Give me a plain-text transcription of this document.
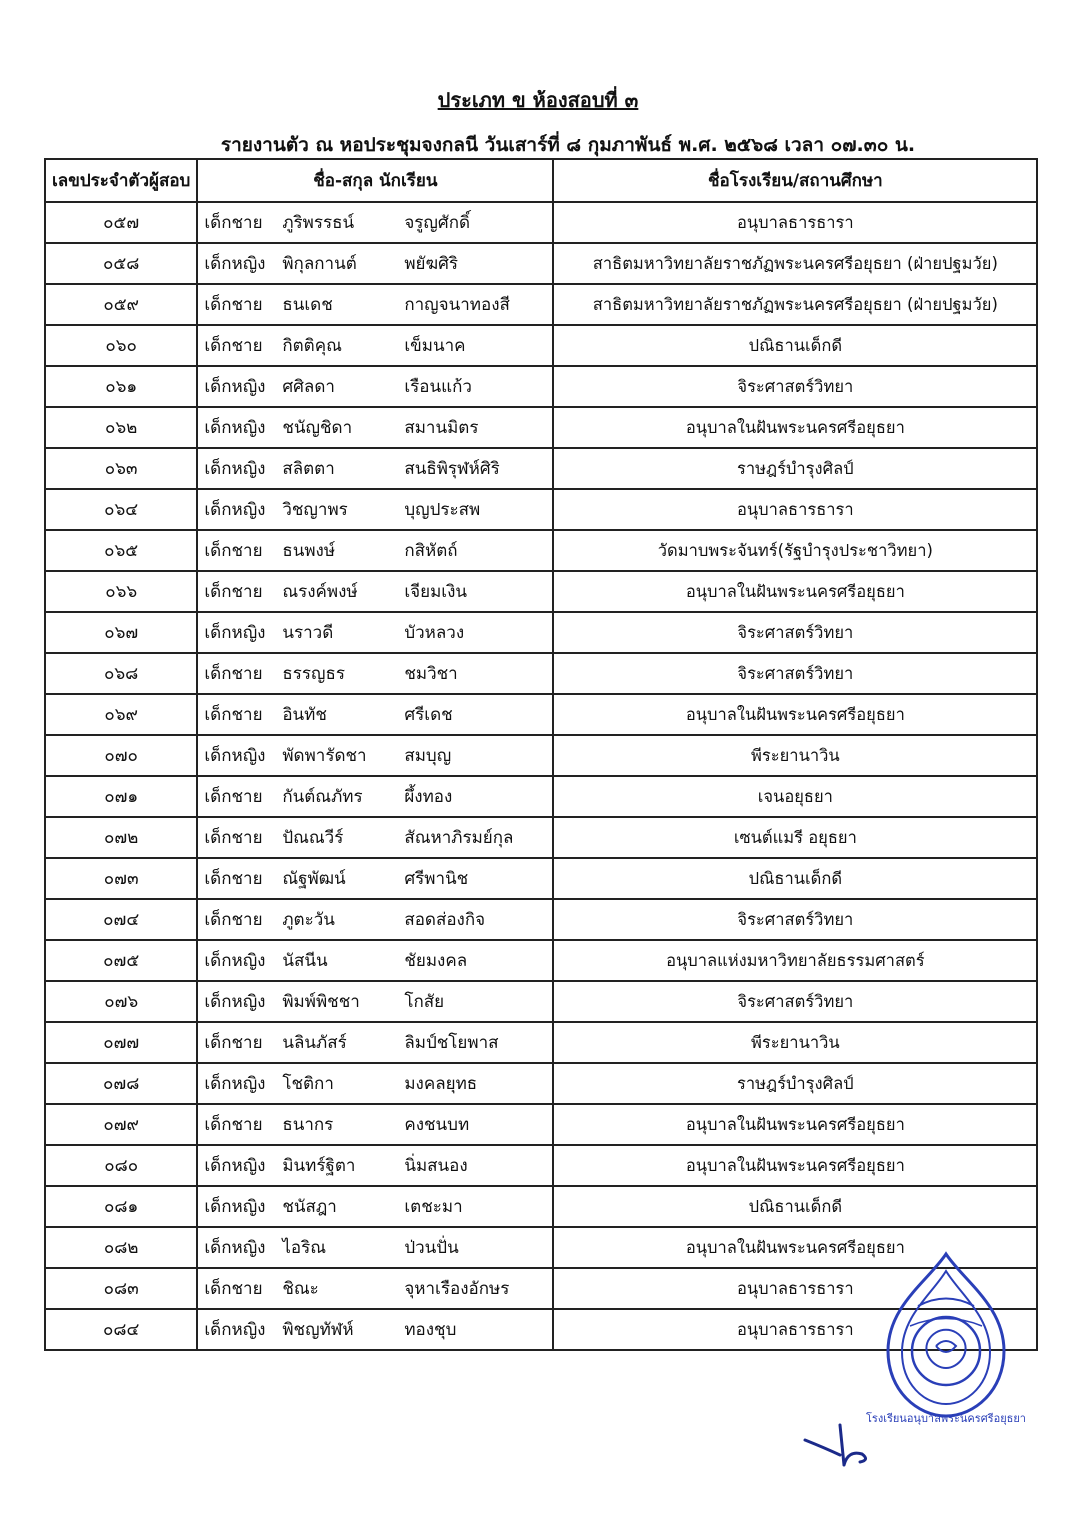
ประเภท ข ห้องสอบที่ ๓
รายงานตัว ณ หอประชุมจงกลนี วันเสาร์ที่ ๘ กุมภาพันธ์ พ.ศ. ๒๕๖๘ เวลา ๐๗.๓๐ น.
เลขประจำตัวผู้สอบ	ชื่อ-สกุล นักเรียน	ชื่อโรงเรียน/สถานศึกษา
๐๕๗	เด็กชาย ภูริพรรธน์ จรูญศักดิ์	อนุบาลธารธารา
๐๕๘	เด็กหญิง พิกุลกานต์ พยัฆศิริ	สาธิตมหาวิทยาลัยราชภัฏพระนครศรีอยุธยา (ฝ่ายปฐมวัย)
๐๕๙	เด็กชาย ธนเดช กาญจนาทองสี	สาธิตมหาวิทยาลัยราชภัฏพระนครศรีอยุธยา (ฝ่ายปฐมวัย)
๐๖๐	เด็กชาย กิตติคุณ เข็มนาค	ปณิธานเด็กดี
๐๖๑	เด็กหญิง ศศิลดา เรือนแก้ว	จิระศาสตร์วิทยา
๐๖๒	เด็กหญิง ชนัญชิดา สมานมิตร	อนุบาลในฝันพระนครศรีอยุธยา
๐๖๓	เด็กหญิง สลิตตา สนธิพิรุฬห์ศิริ	ราษฎร์บำรุงศิลป์
๐๖๔	เด็กหญิง วิชญาพร บุญประสพ	อนุบาลธารธารา
๐๖๕	เด็กชาย ธนพงษ์ กสิหัตถ์	วัดมาบพระจันทร์(รัฐบำรุงประชาวิทยา)
๐๖๖	เด็กชาย ณรงค์พงษ์ เจียมเงิน	อนุบาลในฝันพระนครศรีอยุธยา
๐๖๗	เด็กหญิง นราวดี บัวหลวง	จิระศาสตร์วิทยา
๐๖๘	เด็กชาย ธรรญธร ชมวิชา	จิระศาสตร์วิทยา
๐๖๙	เด็กชาย อินทัช ศรีเดช	อนุบาลในฝันพระนครศรีอยุธยา
๐๗๐	เด็กหญิง พัดพารัดชา สมบุญ	พีระยานาวิน
๐๗๑	เด็กชาย กันต์ณภัทร ผึ้งทอง	เจนอยุธยา
๐๗๒	เด็กชาย ปัณณวีร์ สัณหาภิรมย์กุล	เซนต์แมรี อยุธยา
๐๗๓	เด็กชาย ณัฐพัฒน์ ศรีพานิช	ปณิธานเด็กดี
๐๗๔	เด็กชาย ภูตะวัน สอดส่องกิจ	จิระศาสตร์วิทยา
๐๗๕	เด็กหญิง นัสนีน ชัยมงคล	อนุบาลแห่งมหาวิทยาลัยธรรมศาสตร์
๐๗๖	เด็กหญิง พิมพ์พิชชา โกสัย	จิระศาสตร์วิทยา
๐๗๗	เด็กชาย นลินภัสร์ ลิมป์ชโยพาส	พีระยานาวิน
๐๗๘	เด็กหญิง โชติกา มงคลยุทธ	ราษฎร์บำรุงศิลป์
๐๗๙	เด็กชาย ธนากร คงชนบท	อนุบาลในฝันพระนครศรีอยุธยา
๐๘๐	เด็กหญิง มินทร์ฐิตา นิ่มสนอง	อนุบาลในฝันพระนครศรีอยุธยา
๐๘๑	เด็กหญิง ชนัสฎา เตชะมา	ปณิธานเด็กดี
๐๘๒	เด็กหญิง ไอริณ ป่วนปั่น	อนุบาลในฝันพระนครศรีอยุธยา
๐๘๓	เด็กชาย ชิณะ จุหาเรืองอักษร	อนุบาลธารธารา
๐๘๔	เด็กหญิง พิชญทัฬห์ ทองชุบ	อนุบาลธารธารา
โรงเรียนอนุบาลพระนครศรีอยุธยา
